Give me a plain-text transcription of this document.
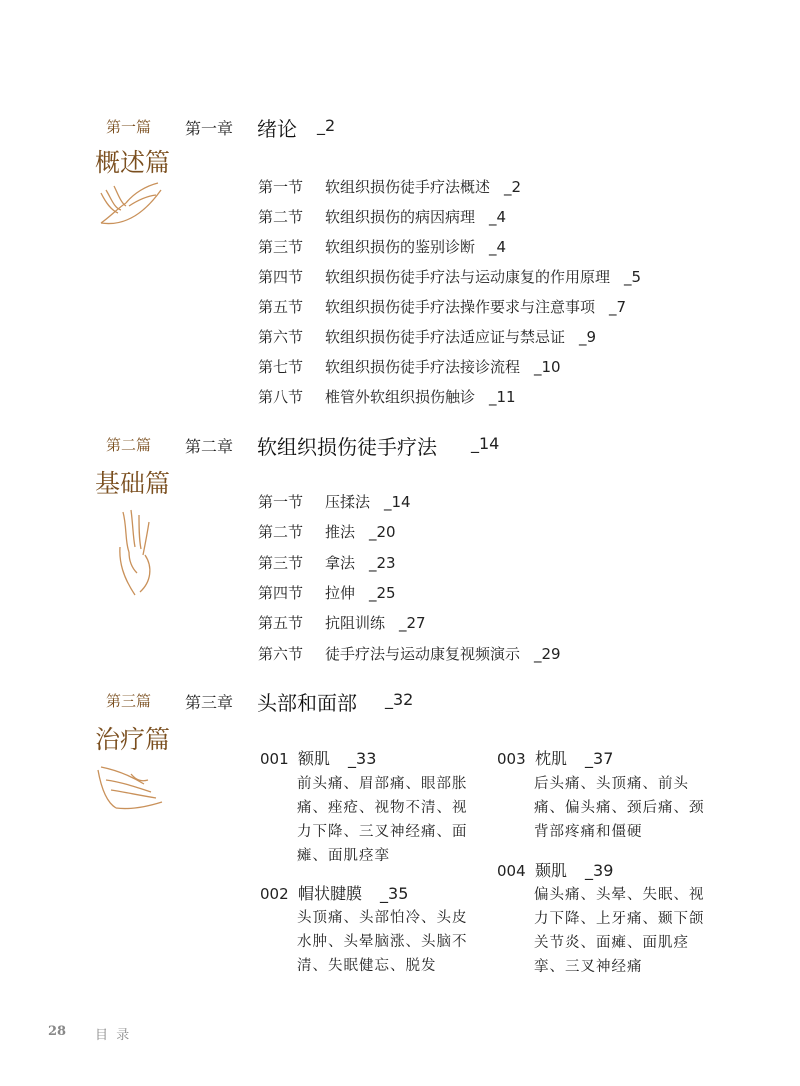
第一篇 第一章 绪论 _2
概述篇
第一节 软组织损伤徒手疗法概述 _2
第二节 软组织损伤的病因病理 _4
第三节 软组织损伤的鉴别诊断 _4
第四节 软组织损伤徒手疗法与运动康复的作用原理 _5
第五节 软组织损伤徒手疗法操作要求与注意事项 _7
第六节 软组织损伤徒手疗法适应证与禁忌证 _9
第七节 软组织损伤徒手疗法接诊流程 _10
第八节 椎管外软组织损伤触诊 _11
第二篇 第二章 软组织损伤徒手疗法 _14
基础篇
第一节 压揉法 _14
第二节 推法 _20
第三节 拿法 _23
第四节 拉伸 _25
第五节 抗阻训练 _27
第六节 徒手疗法与运动康复视频演示 _29
第三篇 第三章 头部和面部 _32
治疗篇
001 额肌 _33
前头痛、眉部痛、眼部胀痛、痤疮、视物不清、视力下降、三叉神经痛、面瘫、面肌痉挛
002 帽状腱膜 _35
头顶痛、头部怕冷、头皮水肿、头晕脑涨、头脑不清、失眠健忘、脱发
003 枕肌 _37
后头痛、头顶痛、前头痛、偏头痛、颈后痛、颈背部疼痛和僵硬
004 颞肌 _39
偏头痛、头晕、失眠、视力下降、上牙痛、颞下颌关节炎、面瘫、面肌痉挛、三叉神经痛
28 目  录
